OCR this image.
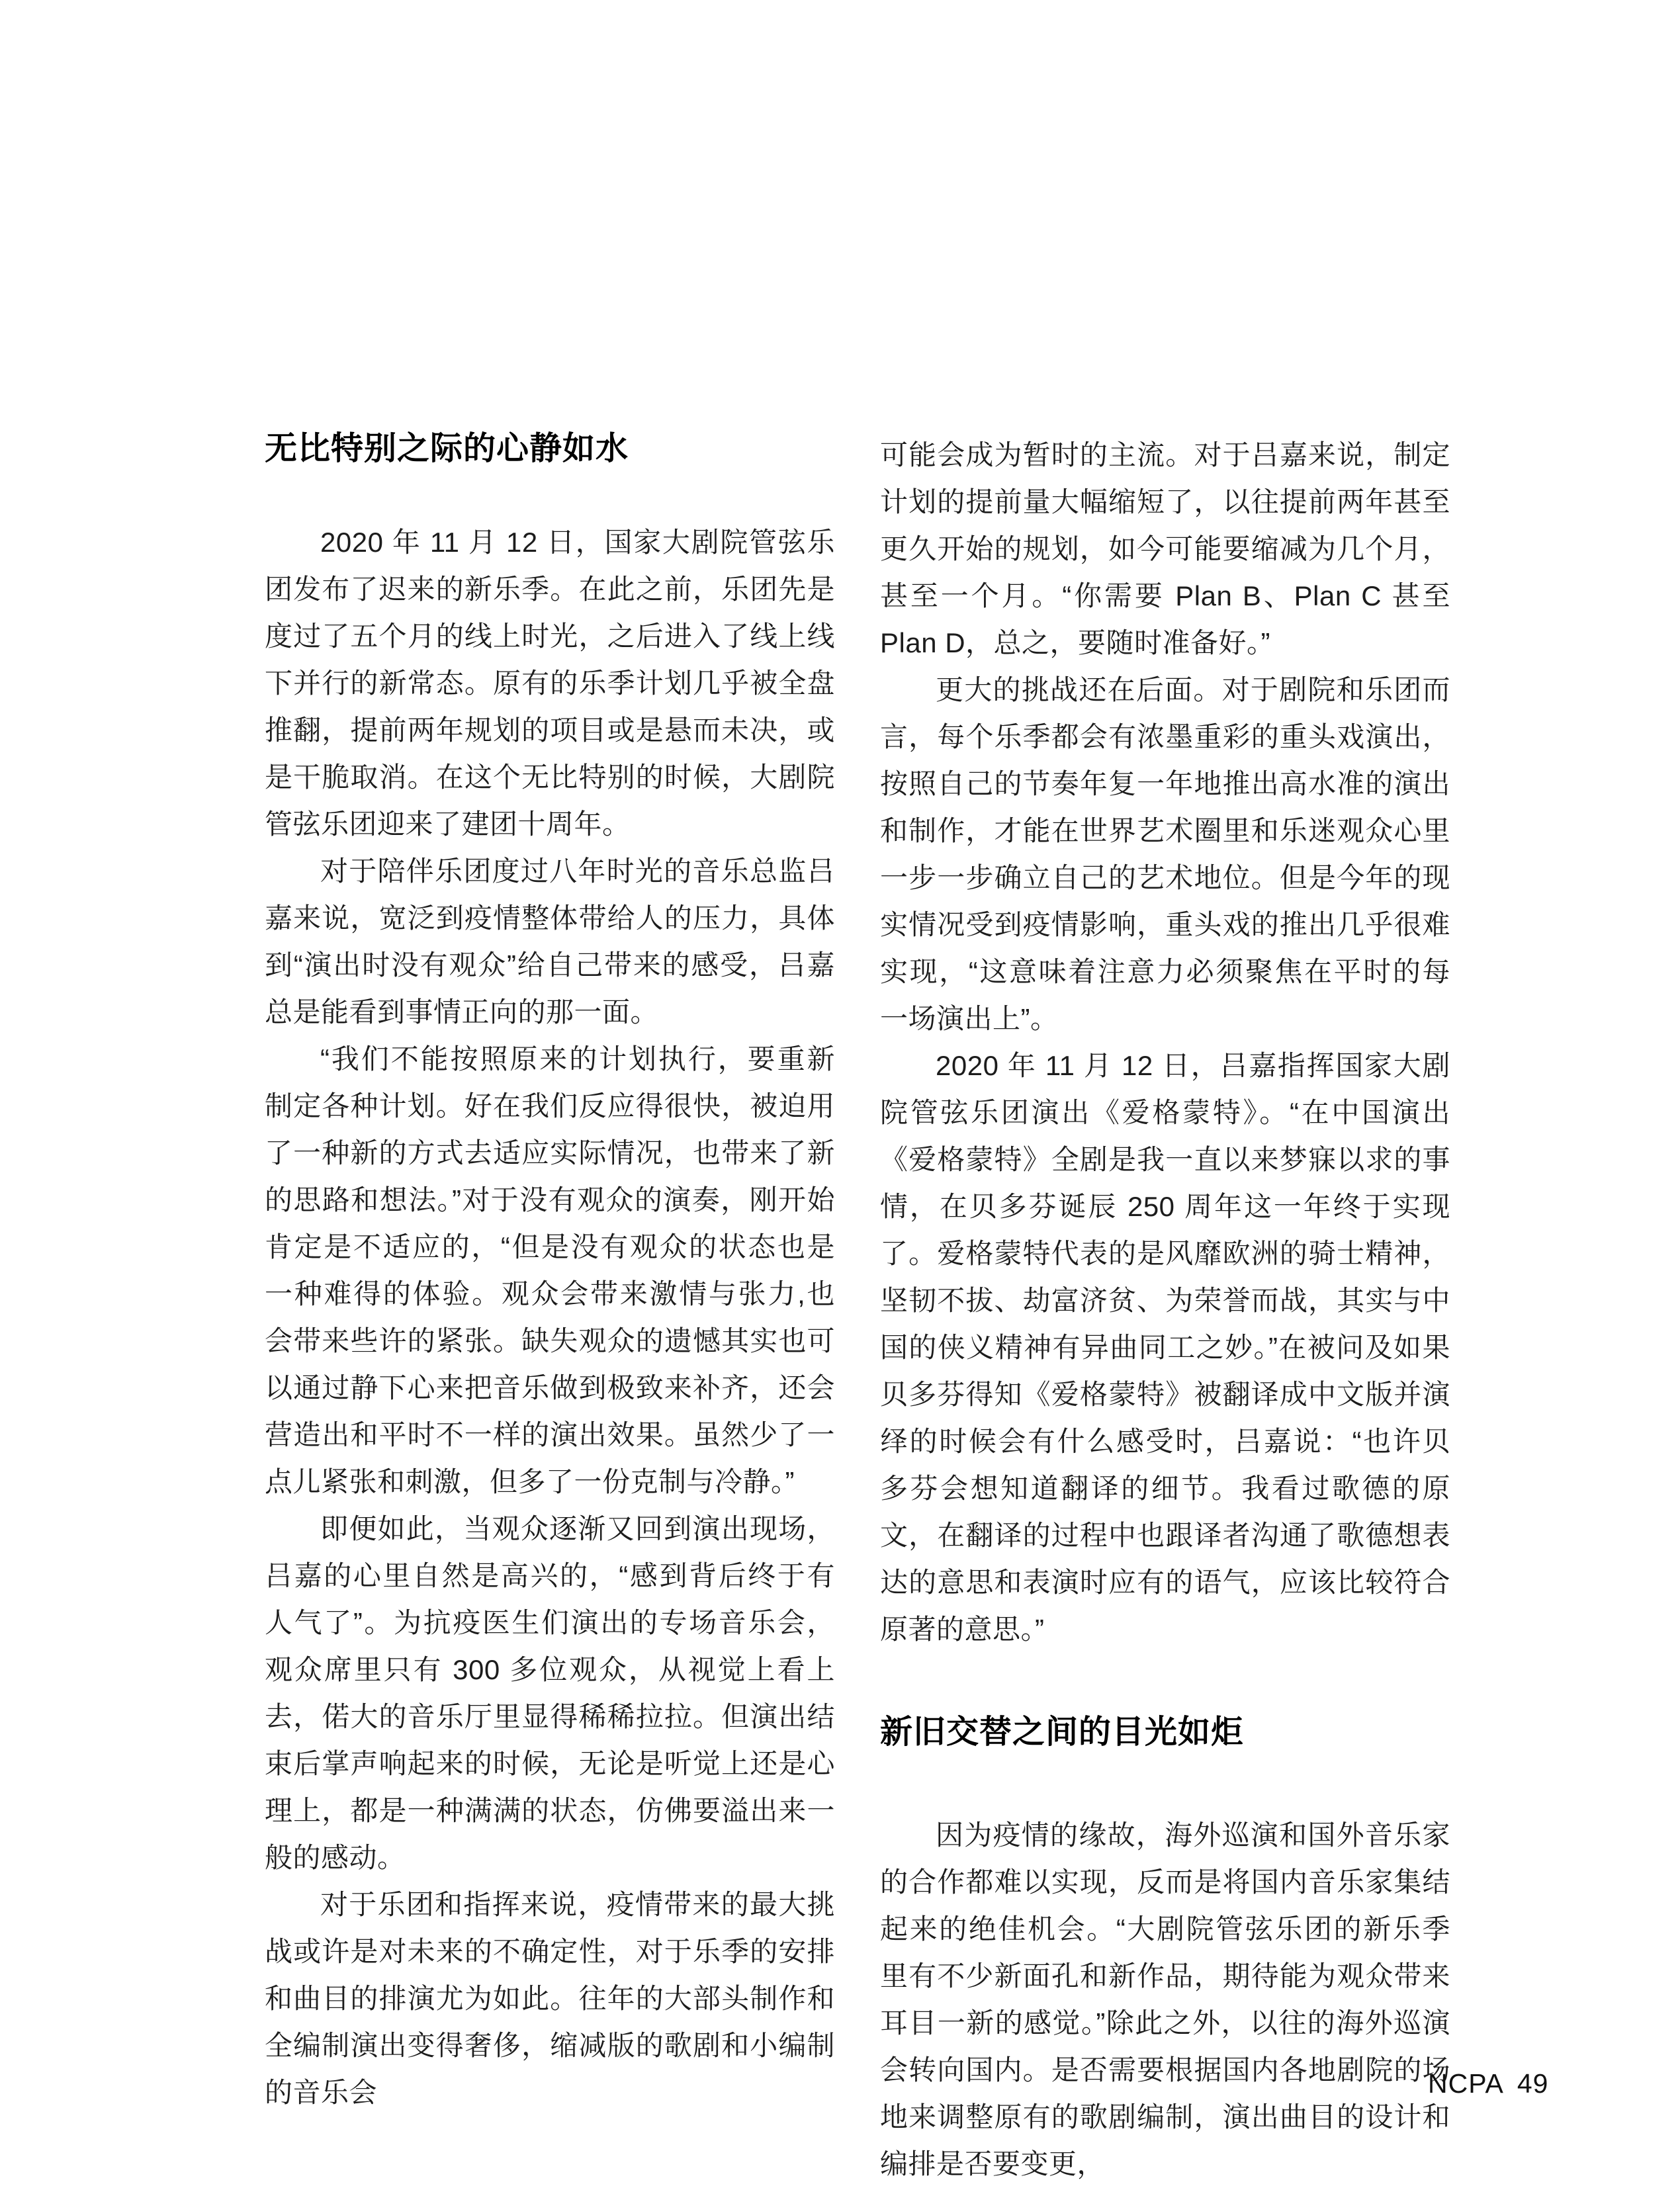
无比特别之际的心静如水

2020 年 11 月 12 日，国家大剧院管弦乐团发布了迟来的新乐季。在此之前，乐团先是度过了五个月的线上时光，之后进入了线上线下并行的新常态。原有的乐季计划几乎被全盘推翻，提前两年规划的项目或是悬而未决，或是干脆取消。在这个无比特别的时候，大剧院管弦乐团迎来了建团十周年。

对于陪伴乐团度过八年时光的音乐总监吕嘉来说，宽泛到疫情整体带给人的压力，具体到“演出时没有观众”给自己带来的感受，吕嘉总是能看到事情正向的那一面。

“我们不能按照原来的计划执行，要重新制定各种计划。好在我们反应得很快，被迫用了一种新的方式去适应实际情况，也带来了新的思路和想法。”对于没有观众的演奏，刚开始肯定是不适应的，“但是没有观众的状态也是一种难得的体验。观众会带来激情与张力,也会带来些许的紧张。缺失观众的遗憾其实也可以通过静下心来把音乐做到极致来补齐，还会营造出和平时不一样的演出效果。虽然少了一点儿紧张和刺激，但多了一份克制与冷静。”

即便如此，当观众逐渐又回到演出现场，吕嘉的心里自然是高兴的，“感到背后终于有人气了”。为抗疫医生们演出的专场音乐会，观众席里只有 300 多位观众，从视觉上看上去，偌大的音乐厅里显得稀稀拉拉。但演出结束后掌声响起来的时候，无论是听觉上还是心理上，都是一种满满的状态，仿佛要溢出来一般的感动。

对于乐团和指挥来说，疫情带来的最大挑战或许是对未来的不确定性，对于乐季的安排和曲目的排演尤为如此。往年的大部头制作和全编制演出变得奢侈，缩减版的歌剧和小编制的音乐会

可能会成为暂时的主流。对于吕嘉来说，制定计划的提前量大幅缩短了，以往提前两年甚至更久开始的规划，如今可能要缩减为几个月，甚至一个月。“你需要 Plan B、Plan C 甚至 Plan D，总之，要随时准备好。”

更大的挑战还在后面。对于剧院和乐团而言，每个乐季都会有浓墨重彩的重头戏演出，按照自己的节奏年复一年地推出高水准的演出和制作，才能在世界艺术圈里和乐迷观众心里一步一步确立自己的艺术地位。但是今年的现实情况受到疫情影响，重头戏的推出几乎很难实现，“这意味着注意力必须聚焦在平时的每一场演出上”。

2020 年 11 月 12 日，吕嘉指挥国家大剧院管弦乐团演出《爱格蒙特》。“在中国演出《爱格蒙特》全剧是我一直以来梦寐以求的事情，在贝多芬诞辰 250 周年这一年终于实现了。爱格蒙特代表的是风靡欧洲的骑士精神，坚韧不拔、劫富济贫、为荣誉而战，其实与中国的侠义精神有异曲同工之妙。”在被问及如果贝多芬得知《爱格蒙特》被翻译成中文版并演绎的时候会有什么感受时，吕嘉说：“也许贝多芬会想知道翻译的细节。我看过歌德的原文，在翻译的过程中也跟译者沟通了歌德想表达的意思和表演时应有的语气，应该比较符合原著的意思。”

新旧交替之间的目光如炬

因为疫情的缘故，海外巡演和国外音乐家的合作都难以实现，反而是将国内音乐家集结起来的绝佳机会。“大剧院管弦乐团的新乐季里有不少新面孔和新作品，期待能为观众带来耳目一新的感觉。”除此之外，以往的海外巡演会转向国内。是否需要根据国内各地剧院的场地来调整原有的歌剧编制，演出曲目的设计和编排是否要变更，

NCPA 49
